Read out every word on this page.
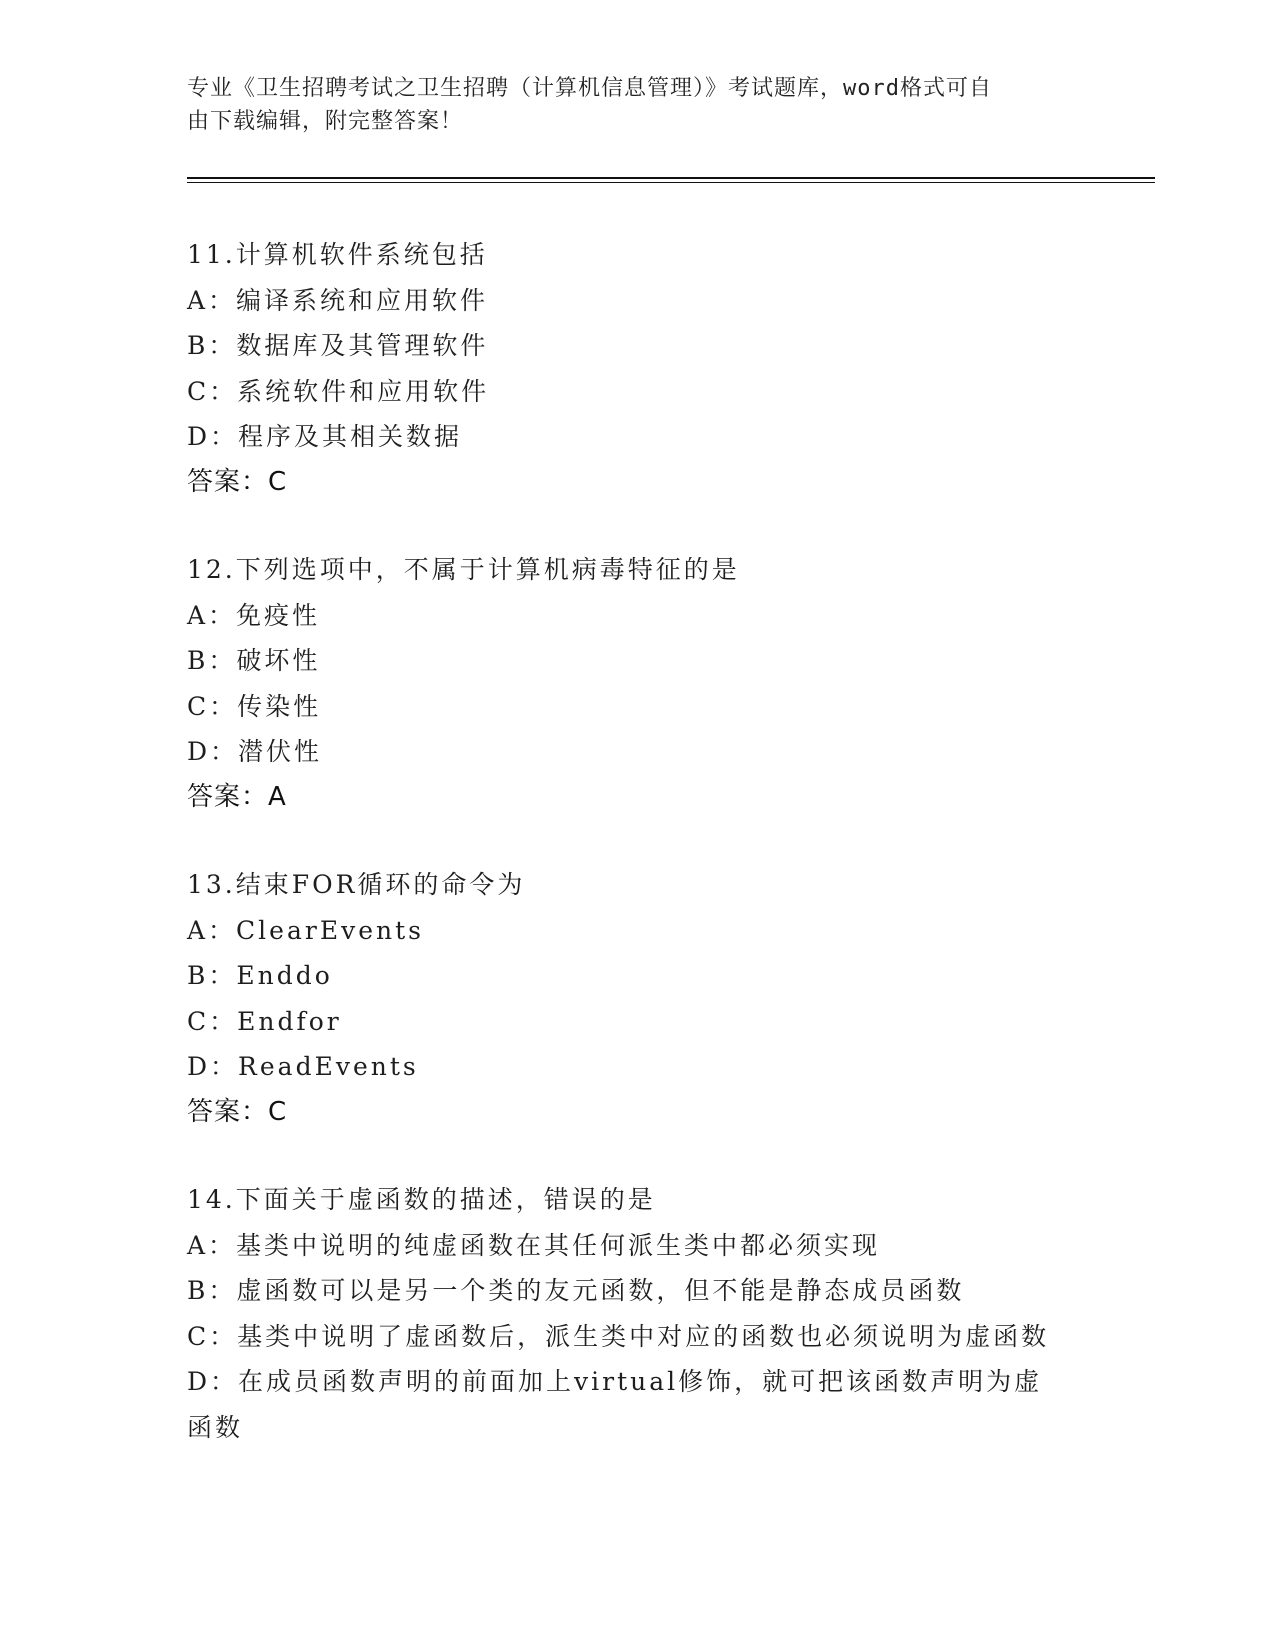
专业《卫生招聘考试之卫生招聘（计算机信息管理）》考试题库，word格式可自
由下载编辑，附完整答案！
11.计算机软件系统包括
A：编译系统和应用软件
B：数据库及其管理软件
C：系统软件和应用软件
D：程序及其相关数据
答案：C
12.下列选项中，不属于计算机病毒特征的是
A：免疫性
B：破坏性
C：传染性
D：潜伏性
答案：A
13.结束FOR循环的命令为
A：ClearEvents
B：Enddo
C：Endfor
D：ReadEvents
答案：C
14.下面关于虚函数的描述，错误的是
A：基类中说明的纯虚函数在其任何派生类中都必须实现
B：虚函数可以是另一个类的友元函数，但不能是静态成员函数
C：基类中说明了虚函数后，派生类中对应的函数也必须说明为虚函数
D：在成员函数声明的前面加上virtual修饰，就可把该函数声明为虚函数
